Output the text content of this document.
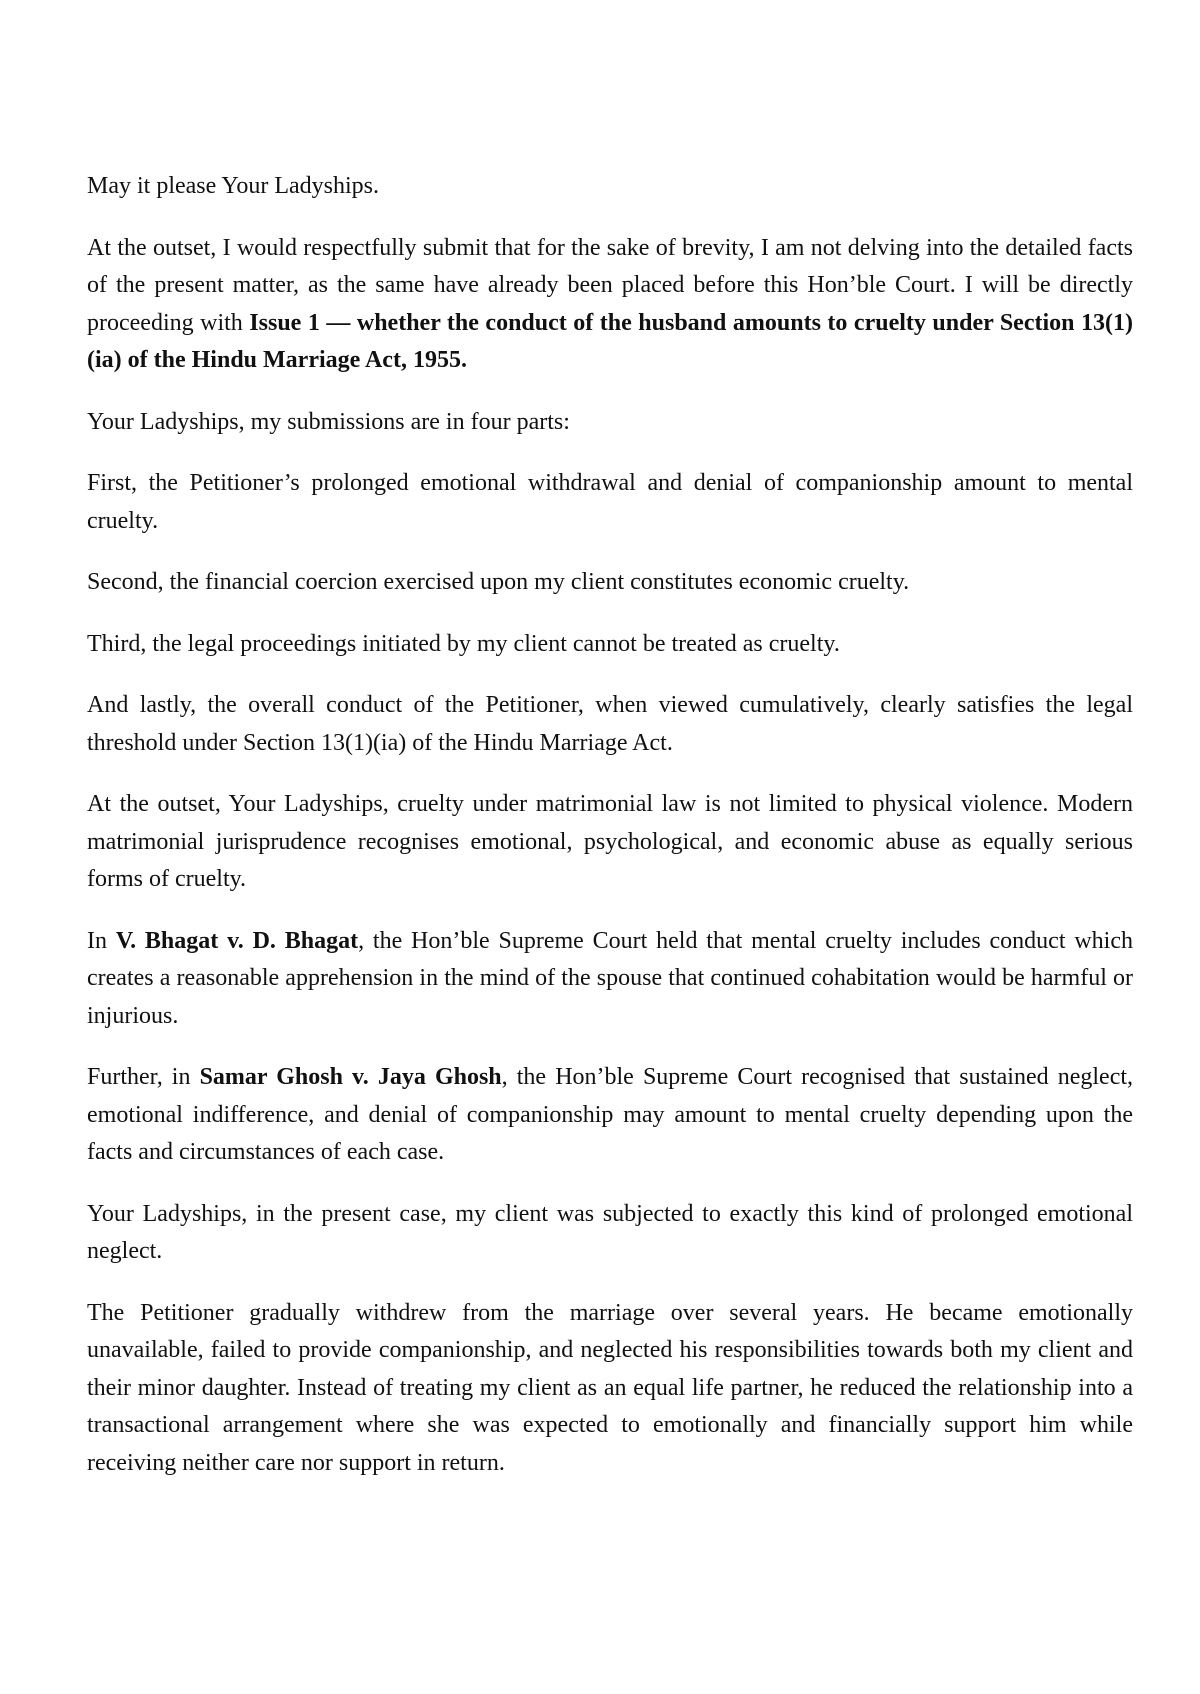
May it please Your Ladyships.

At the outset, I would respectfully submit that for the sake of brevity, I am not delving into the detailed facts of the present matter, as the same have already been placed before this Hon’ble Court. I will be directly proceeding with Issue 1 — whether the conduct of the husband amounts to cruelty under Section 13(1)(ia) of the Hindu Marriage Act, 1955.

Your Ladyships, my submissions are in four parts:

First, the Petitioner’s prolonged emotional withdrawal and denial of companionship amount to mental cruelty.

Second, the financial coercion exercised upon my client constitutes economic cruelty.

Third, the legal proceedings initiated by my client cannot be treated as cruelty.

And lastly, the overall conduct of the Petitioner, when viewed cumulatively, clearly satisfies the legal threshold under Section 13(1)(ia) of the Hindu Marriage Act.

At the outset, Your Ladyships, cruelty under matrimonial law is not limited to physical violence. Modern matrimonial jurisprudence recognises emotional, psychological, and economic abuse as equally serious forms of cruelty.

In V. Bhagat v. D. Bhagat, the Hon’ble Supreme Court held that mental cruelty includes conduct which creates a reasonable apprehension in the mind of the spouse that continued cohabitation would be harmful or injurious.

Further, in Samar Ghosh v. Jaya Ghosh, the Hon’ble Supreme Court recognised that sustained neglect, emotional indifference, and denial of companionship may amount to mental cruelty depending upon the facts and circumstances of each case.

Your Ladyships, in the present case, my client was subjected to exactly this kind of prolonged emotional neglect.

The Petitioner gradually withdrew from the marriage over several years. He became emotionally unavailable, failed to provide companionship, and neglected his responsibilities towards both my client and their minor daughter. Instead of treating my client as an equal life partner, he reduced the relationship into a transactional arrangement where she was expected to emotionally and financially support him while receiving neither care nor support in return.
